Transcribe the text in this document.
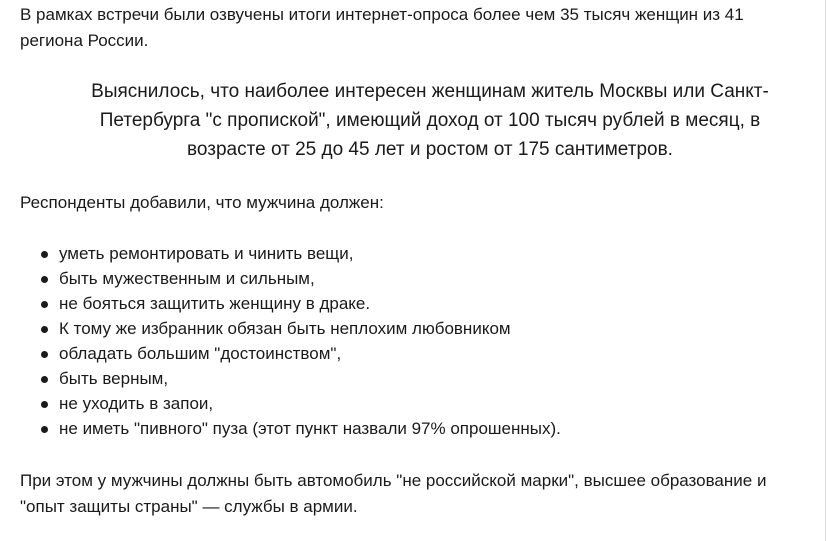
В рамках встречи были озвучены итоги интернет-опроса более чем 35 тысяч женщин из 41 региона России.

Выяснилось, что наиболее интересен женщинам житель Москвы или Санкт-Петербурга "с пропиской", имеющий доход от 100 тысяч рублей в месяц, в возрасте от 25 до 45 лет и ростом от 175 сантиметров.

Респонденты добавили, что мужчина должен:

уметь ремонтировать и чинить вещи,
быть мужественным и сильным,
не бояться защитить женщину в драке.
К тому же избранник обязан быть неплохим любовником
обладать большим "достоинством",
быть верным,
не уходить в запои,
не иметь "пивного" пуза (этот пункт назвали 97% опрошенных).

При этом у мужчины должны быть автомобиль "не российской марки", высшее образование и "опыт защиты страны" — службы в армии.
